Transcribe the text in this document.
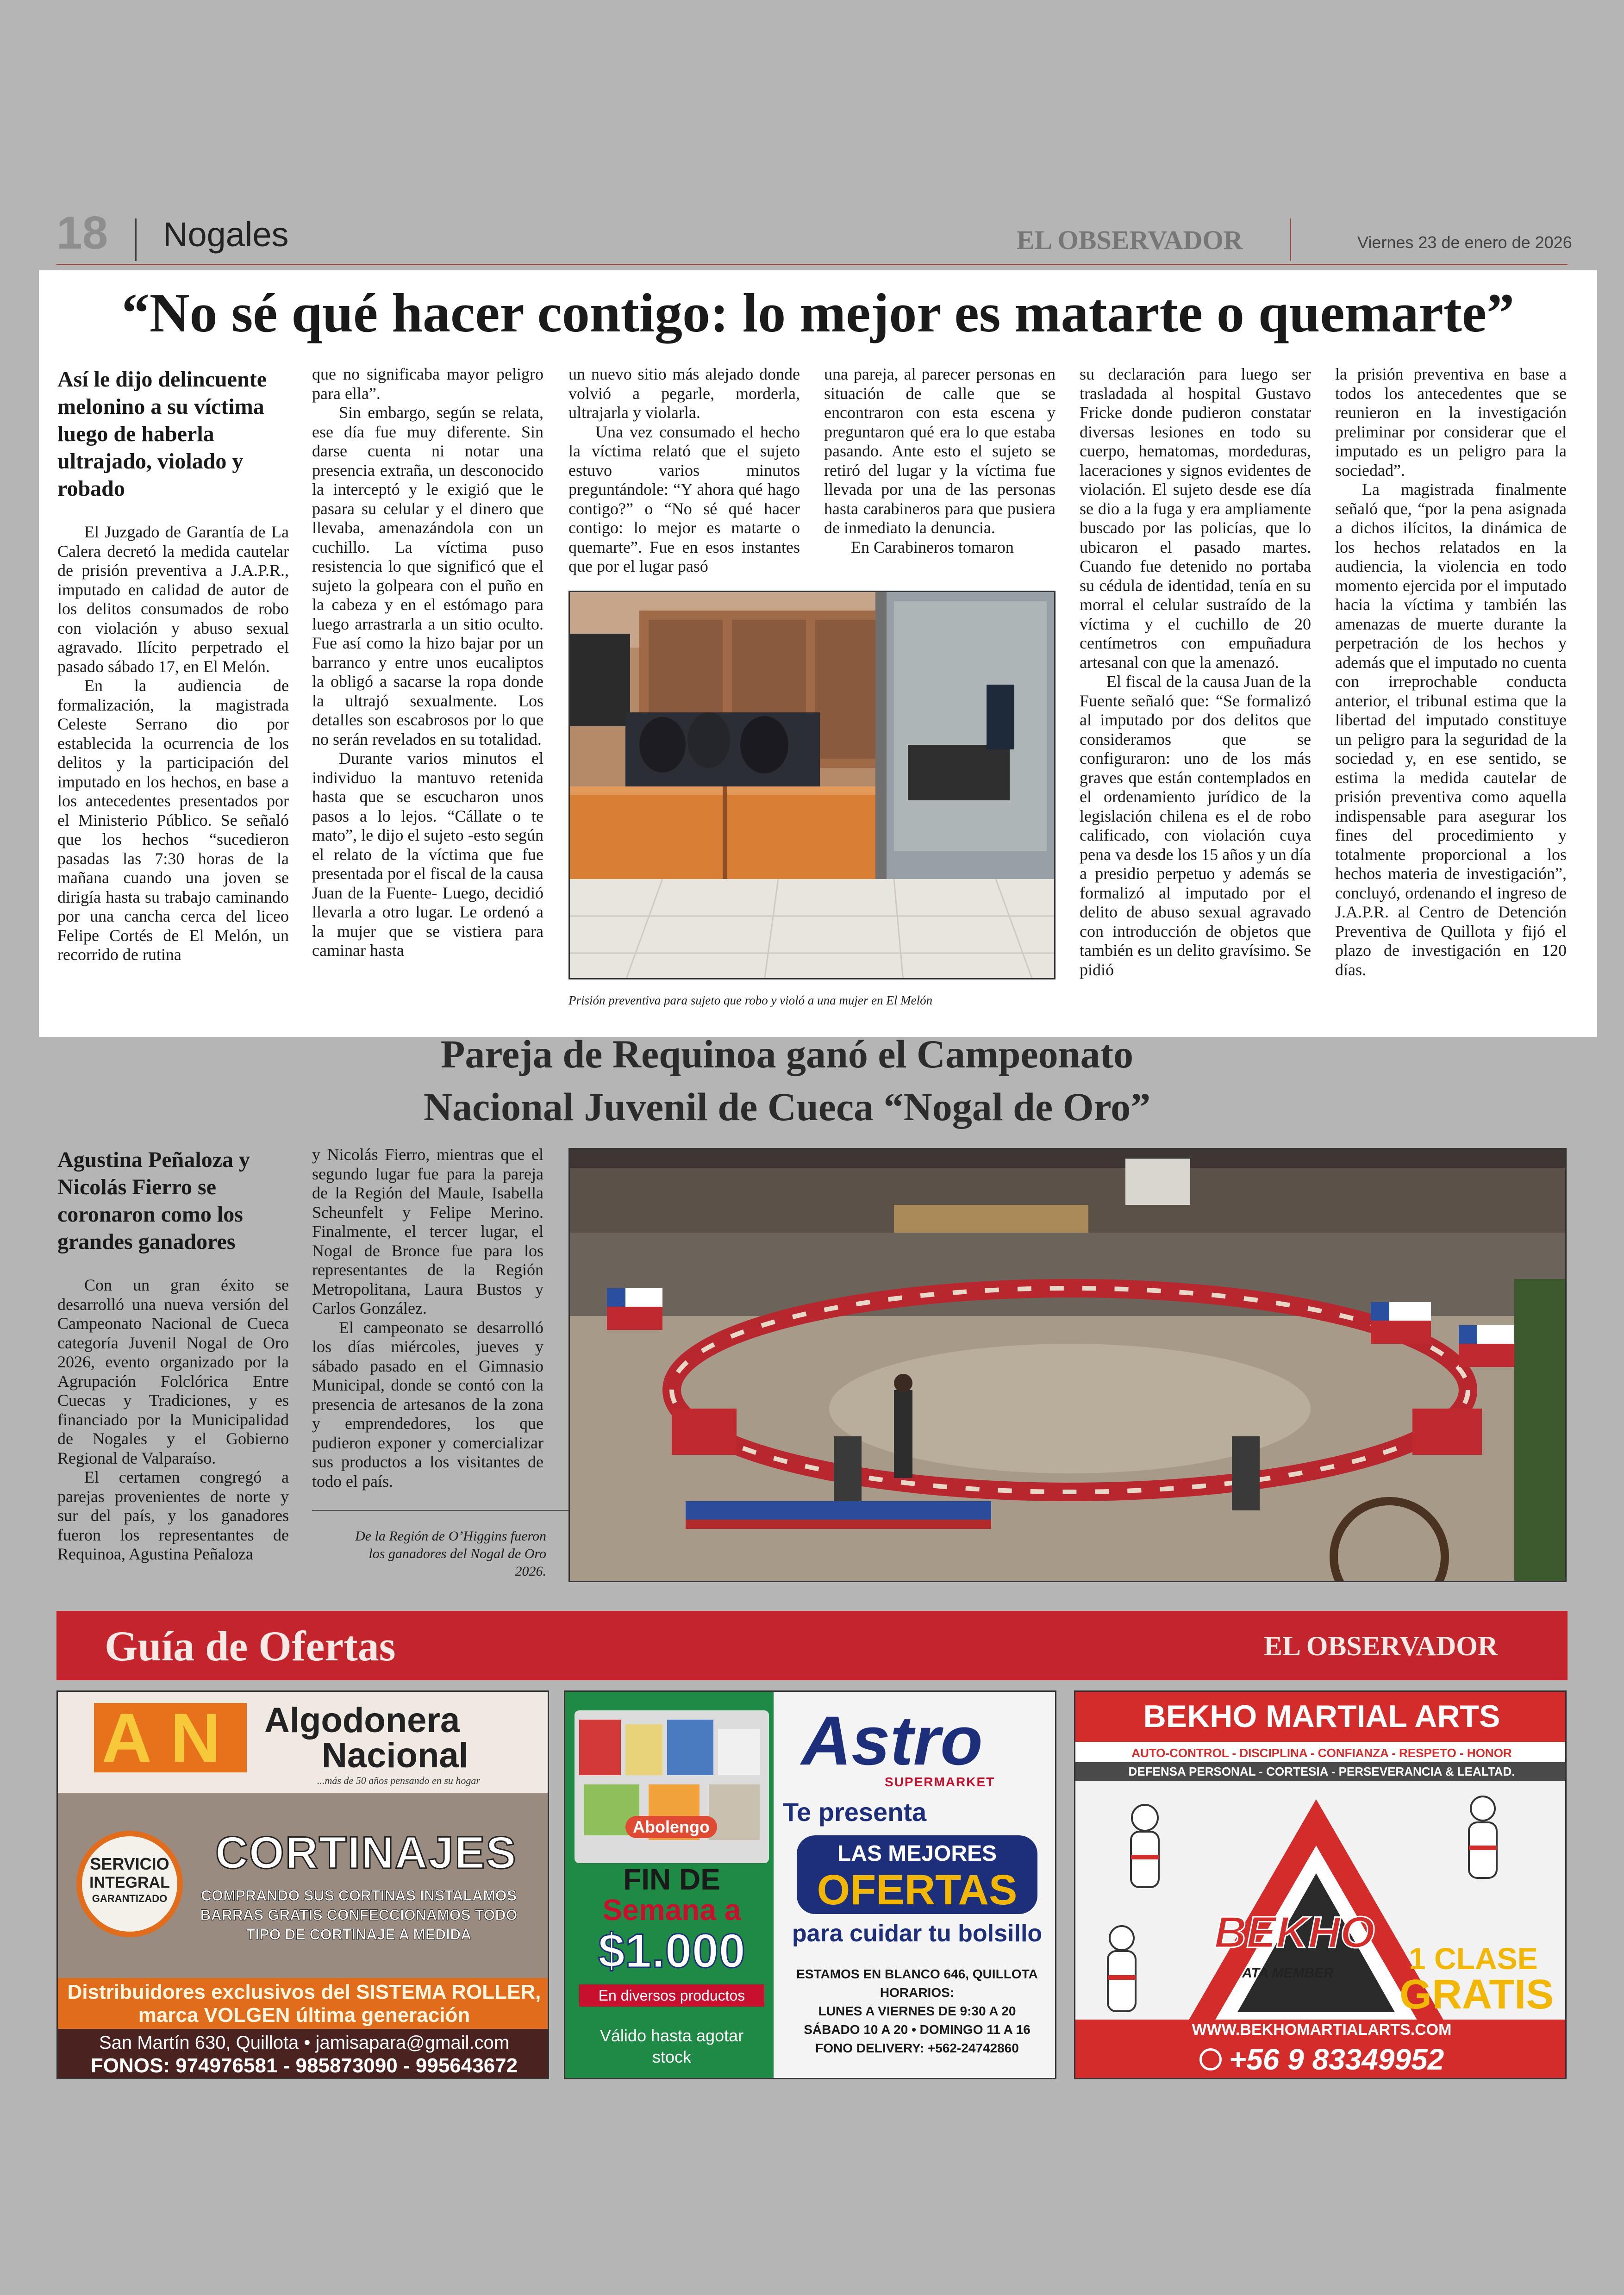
18 Nogales	EL OBSERVADOR	Viernes 23 de enero de 2026
“No sé qué hacer contigo: lo mejor es matarte o quemarte”
Así le dijo delincuente melonino a su víctima luego de haberla ultrajado, violado y robado

El Juzgado de Garantía de La Calera decretó la medida cautelar de prisión preventiva a J.A.P.R., imputado en calidad de autor de los delitos consumados de robo con violación y abuso sexual agravado. Ilícito perpetrado el pasado sábado 17, en El Melón.

En la audiencia de formalización, la magistrada Celeste Serrano dio por establecida la ocurrencia de los delitos y la participación del imputado en los hechos, en base a los antecedentes presentados por el Ministerio Público. Se señaló que los hechos “sucedieron pasadas las 7:30 horas de la mañana cuando una joven se dirigía hasta su trabajo caminando por una cancha cerca del liceo Felipe Cortés de El Melón, un recorrido de rutina

que no significaba mayor peligro para ella”.

Sin embargo, según se relata, ese día fue muy diferente. Sin darse cuenta ni notar una presencia extraña, un desconocido la interceptó y le exigió que le pasara su celular y el dinero que llevaba, amenazándola con un cuchillo. La víctima puso resistencia lo que significó que el sujeto la golpeara con el puño en la cabeza y en el estómago para luego arrastrarla a un sitio oculto. Fue así como la hizo bajar por un barranco y entre unos eucaliptos la obligó a sacarse la ropa donde la ultrajó sexualmente. Los detalles son escabrosos por lo que no serán revelados en su totalidad.

Durante varios minutos el individuo la mantuvo retenida hasta que se escucharon unos pasos a lo lejos. “Cállate o te mato”, le dijo el sujeto -esto según el relato de la víctima que fue presentada por el fiscal de la causa Juan de la Fuente- Luego, decidió llevarla a otro lugar. Le ordenó a la mujer que se vistiera para caminar hasta

un nuevo sitio más alejado donde volvió a pegarle, morderla, ultrajarla y violarla.

Una vez consumado el hecho la víctima relató que el sujeto estuvo varios minutos preguntándole: “Y ahora qué hago contigo?” o “No sé qué hacer contigo: lo mejor es matarte o quemarte”. Fue en esos instantes que por el lugar pasó

una pareja, al parecer personas en situación de calle que se encontraron con esta escena y preguntaron qué era lo que estaba pasando. Ante esto el sujeto se retiró del lugar y la víctima fue llevada por una de las personas hasta carabineros para que pusiera de inmediato la denuncia.

En Carabineros tomaron

su declaración para luego ser trasladada al hospital Gustavo Fricke donde pudieron constatar diversas lesiones en todo su cuerpo, hematomas, mordeduras, laceraciones y signos evidentes de violación. El sujeto desde ese día se dio a la fuga y era ampliamente buscado por las policías, que lo ubicaron el pasado martes. Cuando fue detenido no portaba su cédula de identidad, tenía en su morral el celular sustraído de la víctima y el cuchillo de 20 centímetros con empuñadura artesanal con que la amenazó.

El fiscal de la causa Juan de la Fuente señaló que: “Se formalizó al imputado por dos delitos que consideramos que se configuraron: uno de los más graves que están contemplados en el ordenamiento jurídico de la legislación chilena es el de robo calificado, con violación cuya pena va desde los 15 años y un día a presidio perpetuo y además se formalizó al imputado por el delito de abuso sexual agravado con introducción de objetos que también es un delito gravísimo. Se pidió

la prisión preventiva en base a todos los antecedentes que se reunieron en la investigación preliminar por considerar que el imputado es un peligro para la sociedad”.

La magistrada finalmente señaló que, “por la pena asignada a dichos ilícitos, la dinámica de los hechos relatados en la audiencia, la violencia en todo momento ejercida por el imputado hacia la víctima y también las amenazas de muerte durante la perpetración de los hechos y además que el imputado no cuenta con irreprochable conducta anterior, el tribunal estima que la libertad del imputado constituye un peligro para la seguridad de la sociedad y, en ese sentido, se estima la medida cautelar de prisión preventiva como aquella indispensable para asegurar los fines del procedimiento y totalmente proporcional a los hechos materia de investigación”, concluyó, ordenando el ingreso de J.A.P.R. al Centro de Detención Preventiva de Quillota y fijó el plazo de investigación en 120 días.

Prisión preventiva para sujeto que robo y violó a una mujer en El Melón
Pareja de Requinoa ganó el Campeonato
Nacional Juvenil de Cueca “Nogal de Oro”
Agustina Peñaloza y Nicolás Fierro se coronaron como los grandes ganadores

Con un gran éxito se desarrolló una nueva versión del Campeonato Nacional de Cueca categoría Juvenil Nogal de Oro 2026, evento organizado por la Agrupación Folclórica Entre Cuecas y Tradiciones, y es financiado por la Municipalidad de Nogales y el Gobierno Regional de Valparaíso.

El certamen congregó a parejas provenientes de norte y sur del país, y los ganadores fueron los representantes de Requinoa, Agustina Peñaloza

y Nicolás Fierro, mientras que el segundo lugar fue para la pareja de la Región del Maule, Isabella Scheunfelt y Felipe Merino. Finalmente, el tercer lugar, el Nogal de Bronce fue para los representantes de la Región Metropolitana, Laura Bustos y Carlos González.

El campeonato se desarrolló los días miércoles, jueves y sábado pasado en el Gimnasio Municipal, donde se contó con la presencia de artesanos de la zona y emprendedores, los que pudieron exponer y comercializar sus productos a los visitantes de todo el país.

De la Región de O’Higgins fueron los ganadores del Nogal de Oro 2026.
Guía de Ofertas	EL OBSERVADOR
AN Algodonera
Nacional
...más de 50 años pensando en su hogar
SERVICIO
INTEGRAL
GARANTIZADO
CORTINAJES
COMPRANDO SUS CORTINAS INSTALAMOS
BARRAS GRATIS CONFECCIONAMOS TODO
TIPO DE CORTINAJE A MEDIDA
Distribuidores exclusivos del SISTEMA ROLLER,
marca VOLGEN última generación
San Martín 630, Quillota • jamisapara@gmail.com
FONOS: 974976581 - 985873090 - 995643672
Abolengo
FIN DE
Semana a
$1.000
En diversos productos
Válido hasta agotar stock
Astro
SUPERMARKET
Te presenta
LAS MEJORES
OFERTAS
para cuidar tu bolsillo
ESTAMOS EN BLANCO 646, QUILLOTA
HORARIOS:
LUNES A VIERNES DE 9:30 A 20
SÁBADO 10 A 20 • DOMINGO 11 A 16
FONO DELIVERY: +562-24742860
BEKHO MARTIAL ARTS
AUTO-CONTROL - DISCIPLINA - CONFIANZA - RESPETO - HONOR
DEFENSA PERSONAL - CORTESIA - PERSEVERANCIA & LEALTAD.
BEKHO
ATA MEMBER 1 CLASE
GRATIS
WWW.BEKHOMARTIALARTS.COM
+56 9 83349952
